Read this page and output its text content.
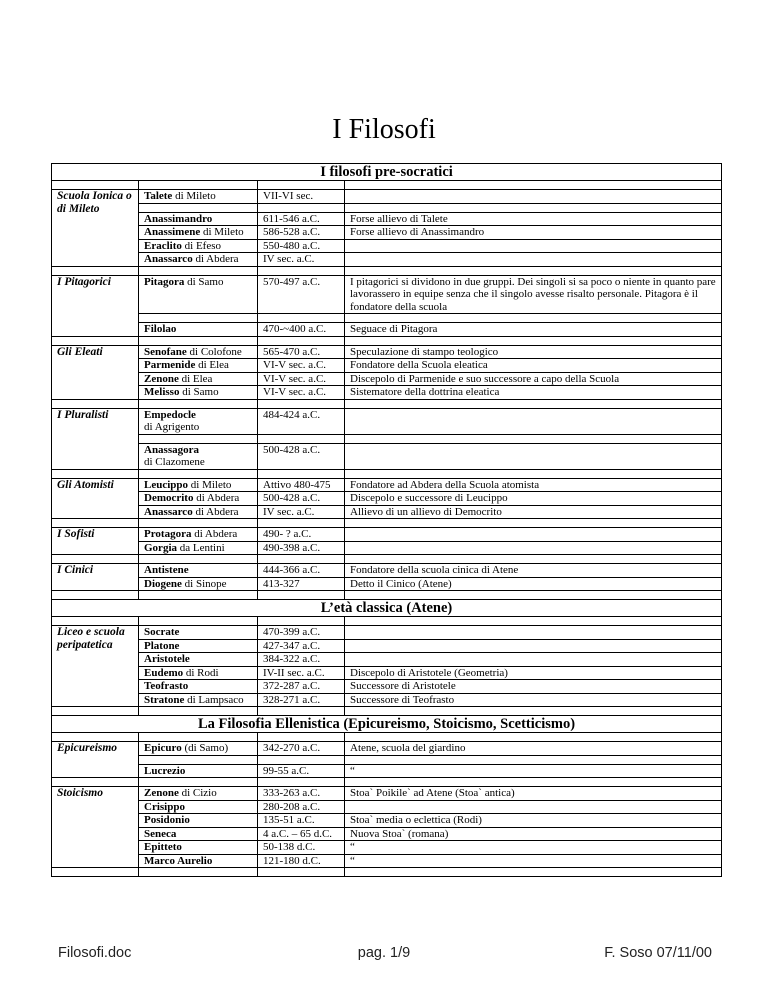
I Filosofi
I filosofi pre-socratici			

Scuola Ionica o di Mileto	Talete di Mileto	VII-VI sec.	

	Anassimandro	611-546 a.C.	Forse allievo di Talete
	Anassimene di Mileto	586-528 a.C.	Forse allievo di Anassimandro
	Eraclito di Efeso	550-480 a.C.	
	Anassarco di Abdera	IV sec. a.C.	

I Pitagorici	Pitagora di Samo	570-497 a.C.	I pitagorici si dividono in due gruppi. Dei singoli si sa poco o niente in quanto pare lavorassero in equipe senza che il singolo avesse risalto personale. Pitagora è il fondatore della scuola

	Filolao	470-~400 a.C.	Seguace di Pitagora

Gli Eleati	Senofane di Colofone	565-470 a.C.	Speculazione di stampo teologico
	Parmenide di Elea	VI-V sec. a.C.	Fondatore della Scuola eleatica
	Zenone di Elea	VI-V sec. a.C.	Discepolo di Parmenide e suo successore a capo della Scuola
	Melisso di Samo	VI-V sec. a.C.	Sistematore della dottrina eleatica

I Pluralisti	Empedocle
di Agrigento	484-424 a.C.	

	Anassagora
di Clazomene	500-428 a.C.	

Gli Atomisti	Leucippo di Mileto	Attivo 480-475	Fondatore ad Abdera della Scuola atomista
	Democrito di Abdera	500-428 a.C.	Discepolo e successore di Leucippo
	Anassarco di Abdera	IV sec. a.C.	Allievo di un allievo di Democrito

I Sofisti	Protagora di Abdera	490- ? a.C.	
	Gorgia da Lentini	490-398 a.C.	

I Cinici	Antistene	444-366 a.C.	Fondatore della scuola cinica di Atene
	Diogene di Sinope	413-327	Detto il Cinico (Atene)

L’età classica (Atene)			

Liceo e scuola peripatetica	Socrate	470-399 a.C.	
	Platone	427-347 a.C.	
	Aristotele	384-322 a.C.	
	Eudemo di Rodi	IV-II sec. a.C.	Discepolo di Aristotele (Geometria)
	Teofrasto	372-287 a.C.	Successore di Aristotele
	Stratone di Lampsaco	328-271 a.C.	Successore di Teofrasto

La Filosofia Ellenistica (Epicureismo, Stoicismo, Scetticismo)			

Epicureismo	Epicuro (di Samo)	342-270 a.C.	Atene, scuola del giardino

	Lucrezio	99-55 a.C.	“

Stoicismo	Zenone di Cizio	333-263 a.C.	Stoa` Poikile` ad Atene (Stoa` antica)
	Crisippo	280-208 a.C.	
	Posidonio	135-51 a.C.	Stoa` media o eclettica (Rodi)
	Seneca	4 a.C. – 65 d.C.	Nuova Stoa` (romana)
	Epitteto	50-138 d.C.	“
	Marco Aurelio	121-180 d.C.	“

Filosofi.doc	pag. 1/9	F. Soso 07/11/00
